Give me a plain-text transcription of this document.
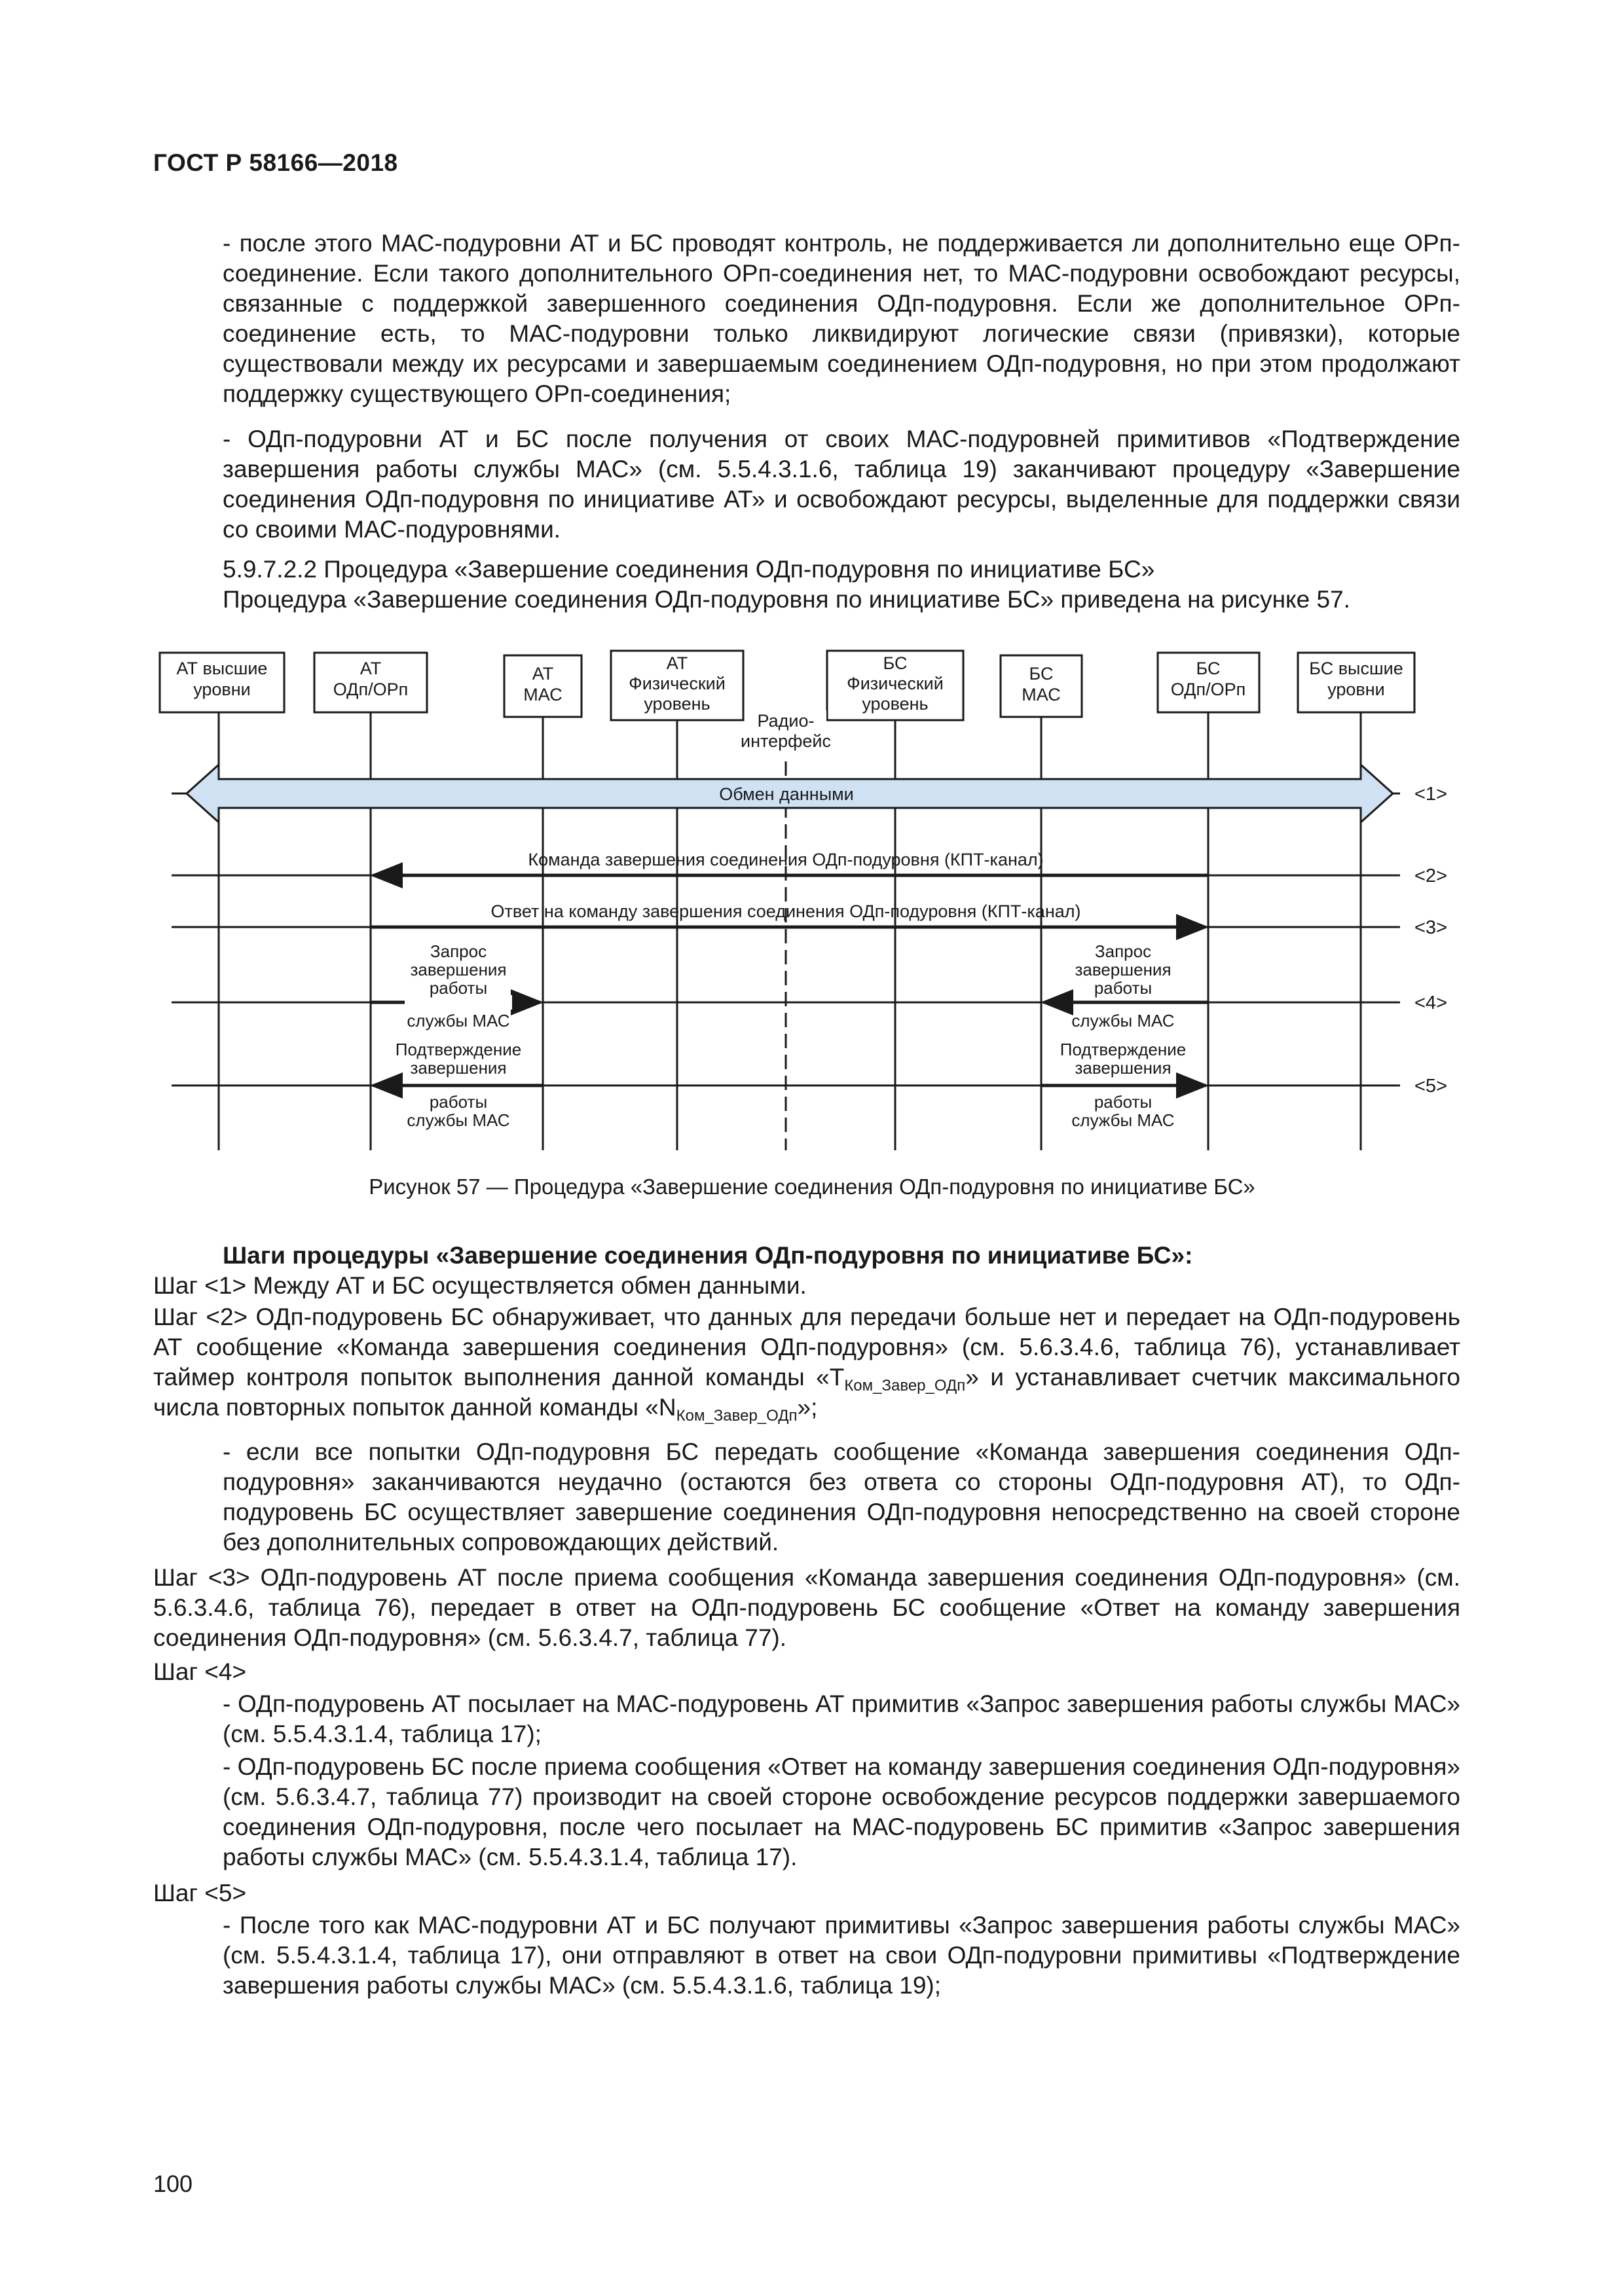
ГОСТ Р 58166—2018

- после этого МАС-подуровни АТ и БС проводят контроль, не поддерживается ли дополнительно еще ОРп-соединение. Если такого дополнительного ОРп-соединения нет, то МАС-подуровни освобождают ресурсы, связанные с поддержкой завершенного соединения ОДп-подуровня. Если же дополнительное ОРп-соединение есть, то МАС-подуровни только ликвидируют логические связи (привязки), которые существовали между их ресурсами и завершаемым соединением ОДп-подуровня, но при этом продолжают поддержку существующего ОРп-соединения;

- ОДп-подуровни АТ и БС после получения от своих МАС-подуровней примитивов «Подтверждение завершения работы службы МАС» (см. 5.5.4.3.1.6, таблица 19) заканчивают процедуру «Завершение соединения ОДп-подуровня по инициативе АТ» и освобождают ресурсы, выделенные для поддержки связи со своими МАС-подуровнями.

5.9.7.2.2 Процедура «Завершение соединения ОДп-подуровня по инициативе БС»

Процедура «Завершение соединения ОДп-подуровня по инициативе БС» приведена на рисунке 57.

АТ высшие
уровни
АТ
ОДп/ОРп
АТ
МАС
АТ
Физический
уровень
БС
Физический
уровень
БС
МАС
БС
ОДп/ОРп
БС высшие
уровни
Радио-
интерфейс
Обмен данными	<1>
<2>
<3>
<4>
<5>
Команда завершения соединения ОДп-подуровня (КПТ-канал)
Ответ на команду завершения соединения ОДп-подуровня (КПТ-канал)
Запрос
завершения
работы
службы МАС
Запрос
завершения
работы
службы МАС
Подтверждение
завершения
работы
службы МАС
Подтверждение
завершения
работы
службы МАС
Рисунок 57 — Процедура «Завершение соединения ОДп-подуровня по инициативе БС»

Шаги процедуры «Завершение соединения ОДп-подуровня по инициативе БС»:

Шаг <1> Между АТ и БС осуществляется обмен данными.

Шаг <2> ОДп-подуровень БС обнаруживает, что данных для передачи больше нет и передает на ОДп-подуровень АТ сообщение «Команда завершения соединения ОДп-подуровня» (см. 5.6.3.4.6, таблица 76), устанавливает таймер контроля попыток выполнения данной команды «$T_{Ком\_Завер\_ОДп}$» и устанавливает счетчик максимального числа повторных попыток данной команды «$N_{Ком\_Завер\_ОДп}$»;

- если все попытки ОДп-подуровня БС передать сообщение «Команда завершения соединения ОДп-подуровня» заканчиваются неудачно (остаются без ответа со стороны ОДп-подуровня АТ), то ОДп-подуровень БС осуществляет завершение соединения ОДп-подуровня непосредственно на своей стороне без дополнительных сопровождающих действий.

Шаг <3> ОДп-подуровень АТ после приема сообщения «Команда завершения соединения ОДп-подуровня» (см. 5.6.3.4.6, таблица 76), передает в ответ на ОДп-подуровень БС сообщение «Ответ на команду завершения соединения ОДп-подуровня» (см. 5.6.3.4.7, таблица 77).

Шаг <4>

- ОДп-подуровень АТ посылает на МАС-подуровень АТ примитив «Запрос завершения работы службы МАС» (см. 5.5.4.3.1.4, таблица 17);

- ОДп-подуровень БС после приема сообщения «Ответ на команду завершения соединения ОДп-подуровня» (см. 5.6.3.4.7, таблица 77) производит на своей стороне освобождение ресурсов поддержки завершаемого соединения ОДп-подуровня, после чего посылает на МАС-подуровень БС примитив «Запрос завершения работы службы МАС» (см. 5.5.4.3.1.4, таблица 17).

Шаг <5>

- После того как МАС-подуровни АТ и БС получают примитивы «Запрос завершения работы службы МАС» (см. 5.5.4.3.1.4, таблица 17), они отправляют в ответ на свои ОДп-подуровни примитивы «Подтверждение завершения работы службы МАС» (см. 5.5.4.3.1.6, таблица 19);

100
